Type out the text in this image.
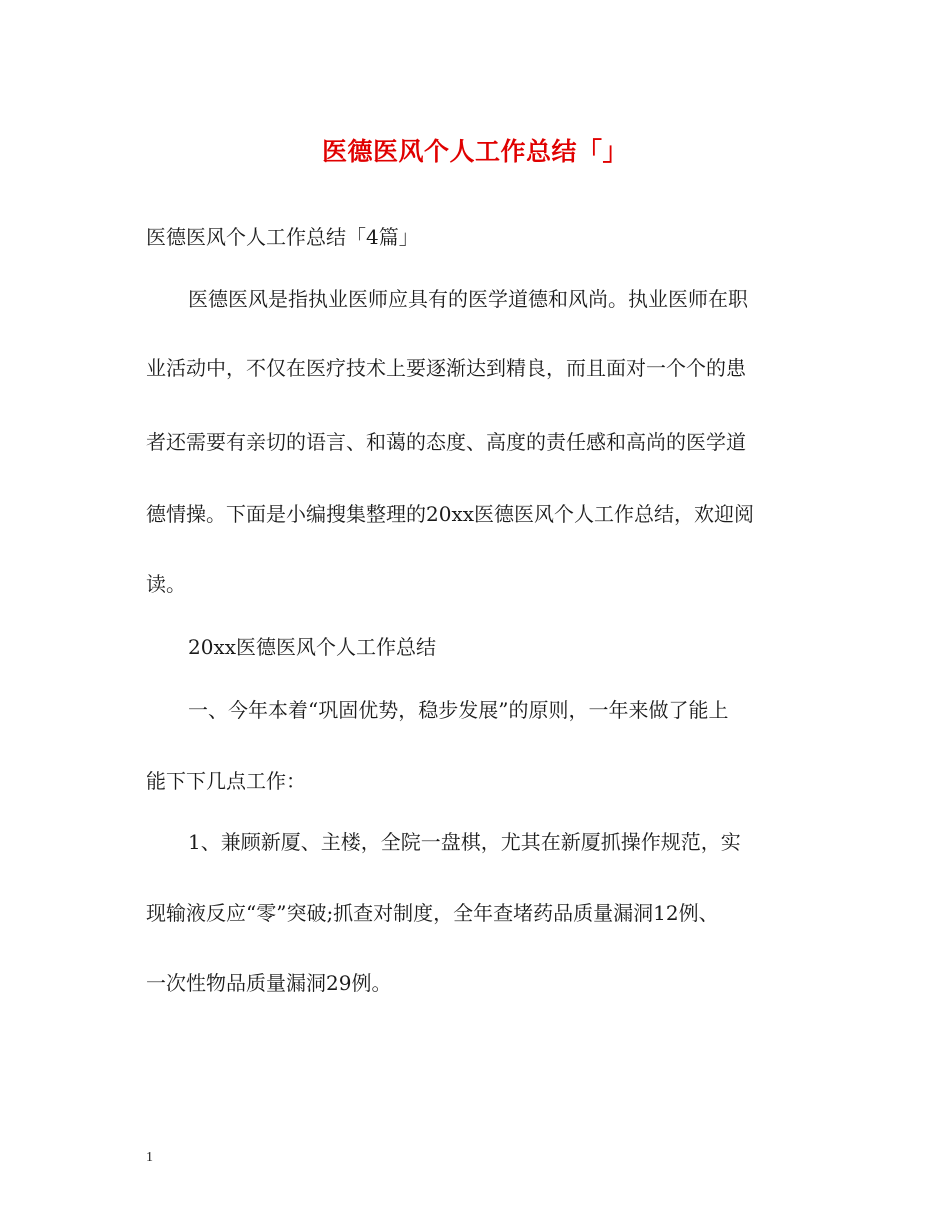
医德医风个人工作总结「」
医德医风个人工作总结「4篇」
医德医风是指执业医师应具有的医学道德和风尚。执业医师在职
业活动中，不仅在医疗技术上要逐渐达到精良，而且面对一个个的患
者还需要有亲切的语言、和蔼的态度、高度的责任感和高尚的医学道
德情操。下面是小编搜集整理的20xx医德医风个人工作总结，欢迎阅
读。
20xx医德医风个人工作总结
一、今年本着“巩固优势，稳步发展”的原则，一年来做了能上
能下下几点工作：
1、兼顾新厦、主楼，全院一盘棋，尤其在新厦抓操作规范，实
现输液反应“零”突破;抓查对制度，全年查堵药品质量漏洞12例、
一次性物品质量漏洞29例。
1
